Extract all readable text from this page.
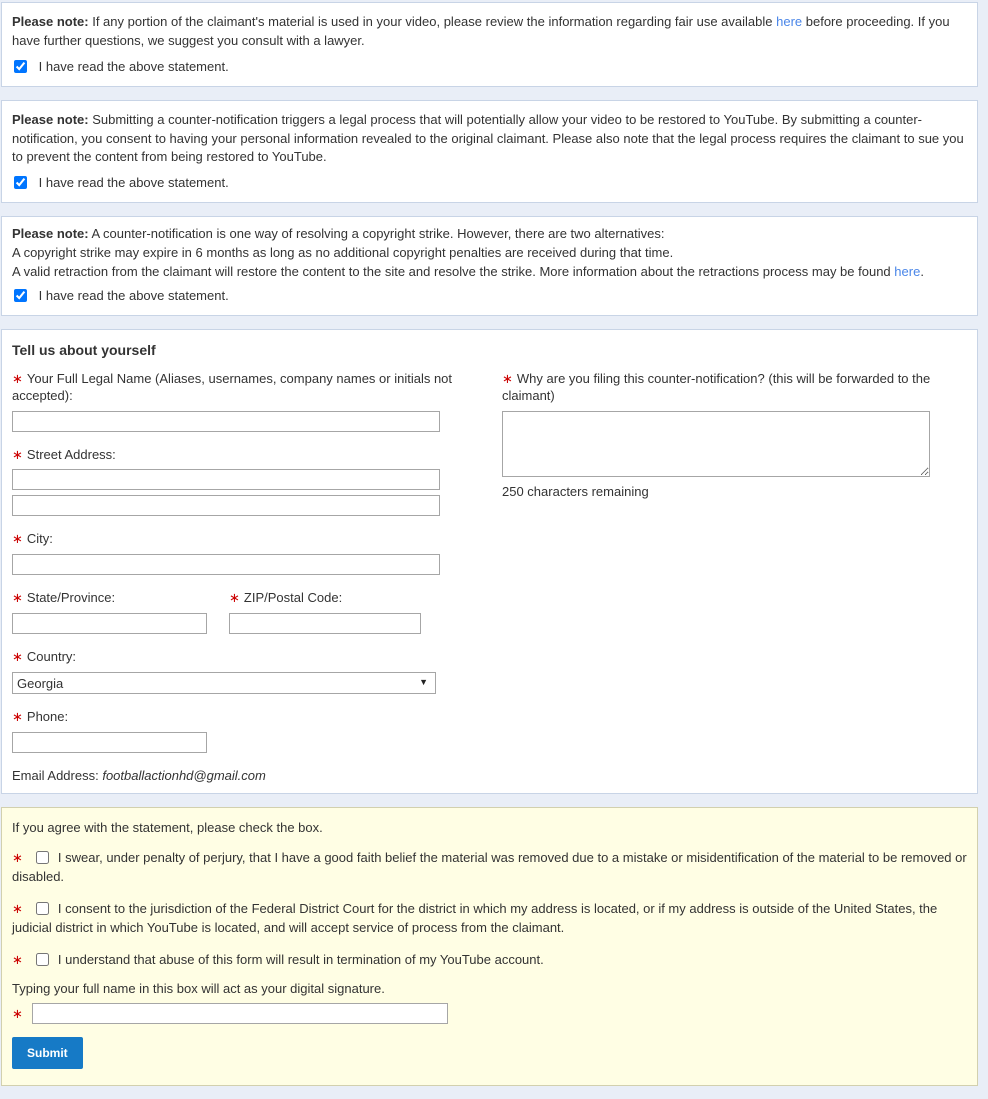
Please note: If any portion of the claimant's material is used in your video, please review the information regarding fair use available here before proceeding. If you have further questions, we suggest you consult with a lawyer.
I have read the above statement.
Please note: Submitting a counter-notification triggers a legal process that will potentially allow your video to be restored to YouTube. By submitting a counter-notification, you consent to having your personal information revealed to the original claimant. Please also note that the legal process requires the claimant to sue you to prevent the content from being restored to YouTube.
I have read the above statement.
Please note: A counter-notification is one way of resolving a copyright strike. However, there are two alternatives:
A copyright strike may expire in 6 months as long as no additional copyright penalties are received during that time.
A valid retraction from the claimant will restore the content to the site and resolve the strike. More information about the retractions process may be found here.
I have read the above statement.
Tell us about yourself
∗ Your Full Legal Name (Aliases, usernames, company names or initials not accepted):
∗ Street Address:
∗ City:
∗ State/Province:	∗ ZIP/Postal Code:
∗ Country:
Georgia
▼
∗ Phone:
Email Address: footballactionhd@gmail.com
∗ Why are you filing this counter-notification? (this will be forwarded to the claimant)
250 characters remaining
If you agree with the statement, please check the box.
∗	I swear, under penalty of perjury, that I have a good faith belief the material was removed due to a mistake or misidentification of the material to be removed or disabled.
∗	I consent to the jurisdiction of the Federal District Court for the district in which my address is located, or if my address is outside of the United States, the judicial district in which YouTube is located, and will accept service of process from the claimant.
∗	I understand that abuse of this form will result in termination of my YouTube account.
Typing your full name in this box will act as your digital signature.
∗
Submit
